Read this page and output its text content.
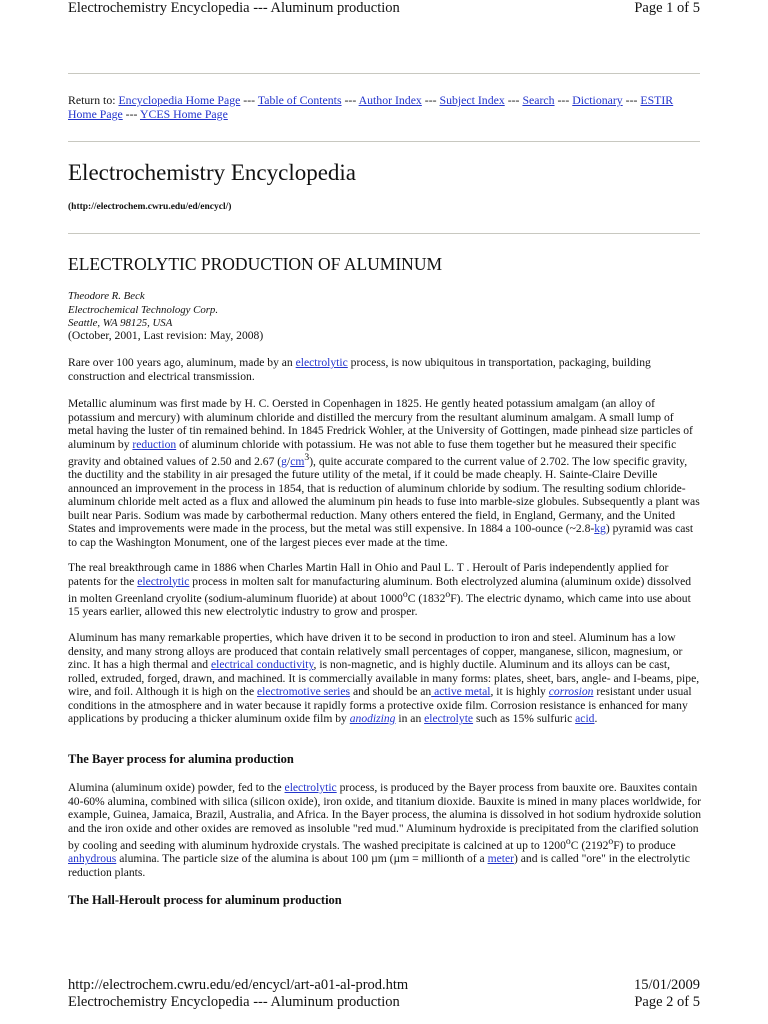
Electrochemistry Encyclopedia --- Aluminum production	Page 1 of 5
Return to: Encyclopedia Home Page --- Table of Contents --- Author Index --- Subject Index --- Search --- Dictionary --- ESTIR Home Page --- YCES Home Page
Electrochemistry Encyclopedia
(http://electrochem.cwru.edu/ed/encycl/)
ELECTROLYTIC PRODUCTION OF ALUMINUM
Theodore R. Beck
Electrochemical Technology Corp.
Seattle, WA 98125, USA
(October, 2001, Last revision: May, 2008)
Rare over 100 years ago, aluminum, made by an electrolytic process, is now ubiquitous in transportation, packaging, building construction and electrical transmission.
Metallic aluminum was first made by H. C. Oersted in Copenhagen in 1825. He gently heated potassium amalgam (an alloy of potassium and mercury) with aluminum chloride and distilled the mercury from the resultant aluminum amalgam. A small lump of metal having the luster of tin remained behind. In 1845 Fredrick Wohler, at the University of Gottingen, made pinhead size particles of aluminum by reduction of aluminum chloride with potassium. He was not able to fuse them together but he measured their specific gravity and obtained values of 2.50 and 2.67 $(g/cm^3)$, quite accurate compared to the current value of 2.702. The low specific gravity, the ductility and the stability in air presaged the future utility of the metal, if it could be made cheaply. H. Sainte-Claire Deville announced an improvement in the process in 1854, that is reduction of aluminum chloride by sodium. The resulting sodium chloride-aluminum chloride melt acted as a flux and allowed the aluminum pin heads to fuse into marble-size globules. Subsequently a plant was built near Paris. Sodium was made by carbothermal reduction. Many others entered the field, in England, Germany, and the United States and improvements were made in the process, but the metal was still expensive. In 1884 a 100-ounce (~2.8-kg) pyramid was cast to cap the Washington Monument, one of the largest pieces ever made at the time.
The real breakthrough came in 1886 when Charles Martin Hall in Ohio and Paul L. T . Heroult of Paris independently applied for patents for the electrolytic process in molten salt for manufacturing aluminum. Both electrolyzed alumina (aluminum oxide) dissolved in molten Greenland cryolite (sodium-aluminum fluoride) at about 1000$^o$C (1832$^o$F). The electric dynamo, which came into use about 15 years earlier, allowed this new electrolytic industry to grow and prosper.
Aluminum has many remarkable properties, which have driven it to be second in production to iron and steel. Aluminum has a low density, and many strong alloys are produced that contain relatively small percentages of copper, manganese, silicon, magnesium, or zinc. It has a high thermal and electrical conductivity, is non-magnetic, and is highly ductile. Aluminum and its alloys can be cast, rolled, extruded, forged, drawn, and machined. It is commercially available in many forms: plates, sheet, bars, angle- and I-beams, pipe, wire, and foil. Although it is high on the electromotive series and should be an active metal, it is highly corrosion resistant under usual conditions in the atmosphere and in water because it rapidly forms a protective oxide film. Corrosion resistance is enhanced for many applications by producing a thicker aluminum oxide film by anodizing in an electrolyte such as 15% sulfuric acid.
The Bayer process for alumina production
Alumina (aluminum oxide) powder, fed to the electrolytic process, is produced by the Bayer process from bauxite ore. Bauxites contain 40-60% alumina, combined with silica (silicon oxide), iron oxide, and titanium dioxide. Bauxite is mined in many places worldwide, for example, Guinea, Jamaica, Brazil, Australia, and Africa. In the Bayer process, the alumina is dissolved in hot sodium hydroxide solution and the iron oxide and other oxides are removed as insoluble "red mud." Aluminum hydroxide is precipitated from the clarified solution by cooling and seeding with aluminum hydroxide crystals. The washed precipitate is calcined at up to 1200$^o$C (2192$^o$F) to produce anhydrous alumina. The particle size of the alumina is about 100 µm (µm = millionth of a meter) and is called "ore" in the electrolytic reduction plants.
The Hall-Heroult process for aluminum production
http://electrochem.cwru.edu/ed/encycl/art-a01-al-prod.htm	15/01/2009
Electrochemistry Encyclopedia --- Aluminum production	Page 2 of 5
